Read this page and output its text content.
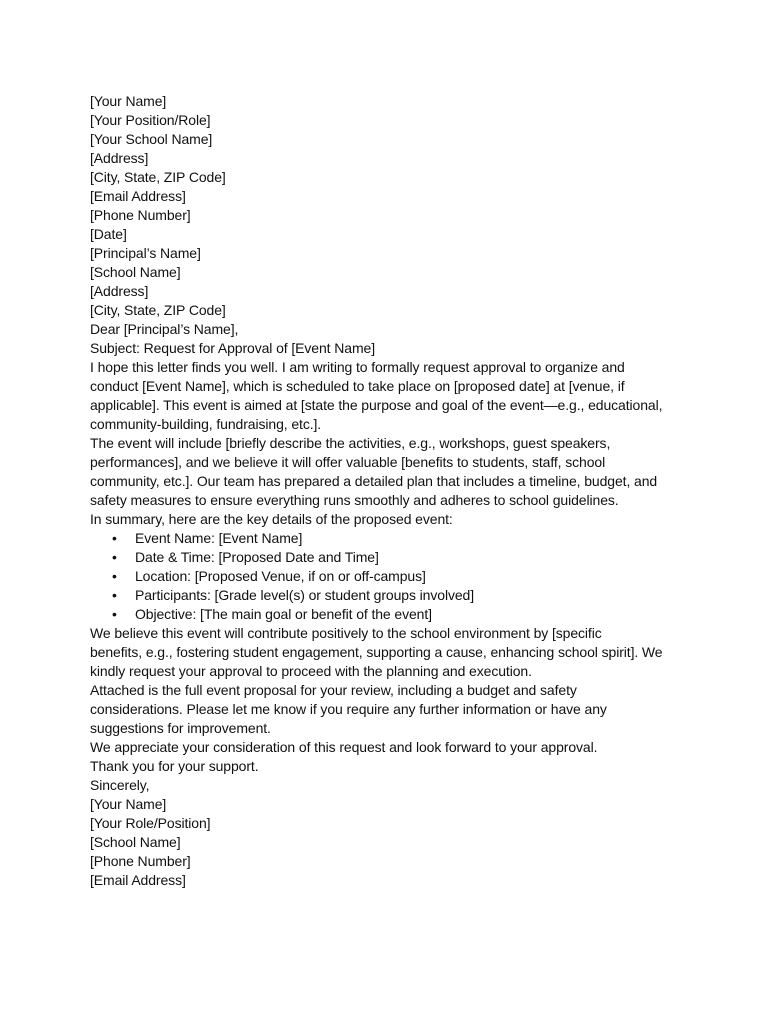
[Your Name]
[Your Position/Role]
[Your School Name]
[Address]
[City, State, ZIP Code]
[Email Address]
[Phone Number]
[Date]
[Principal’s Name]
[School Name]
[Address]
[City, State, ZIP Code]
Dear [Principal’s Name],
Subject: Request for Approval of [Event Name]
I hope this letter finds you well. I am writing to formally request approval to organize and
conduct [Event Name], which is scheduled to take place on [proposed date] at [venue, if
applicable]. This event is aimed at [state the purpose and goal of the event—e.g., educational,
community-building, fundraising, etc.].
The event will include [briefly describe the activities, e.g., workshops, guest speakers,
performances], and we believe it will offer valuable [benefits to students, staff, school
community, etc.]. Our team has prepared a detailed plan that includes a timeline, budget, and
safety measures to ensure everything runs smoothly and adheres to school guidelines.
In summary, here are the key details of the proposed event:
• Event Name: [Event Name]
• Date & Time: [Proposed Date and Time]
• Location: [Proposed Venue, if on or off-campus]
• Participants: [Grade level(s) or student groups involved]
• Objective: [The main goal or benefit of the event]
We believe this event will contribute positively to the school environment by [specific
benefits, e.g., fostering student engagement, supporting a cause, enhancing school spirit]. We
kindly request your approval to proceed with the planning and execution.
Attached is the full event proposal for your review, including a budget and safety
considerations. Please let me know if you require any further information or have any
suggestions for improvement.
We appreciate your consideration of this request and look forward to your approval.
Thank you for your support.
Sincerely,
[Your Name]
[Your Role/Position]
[School Name]
[Phone Number]
[Email Address]
